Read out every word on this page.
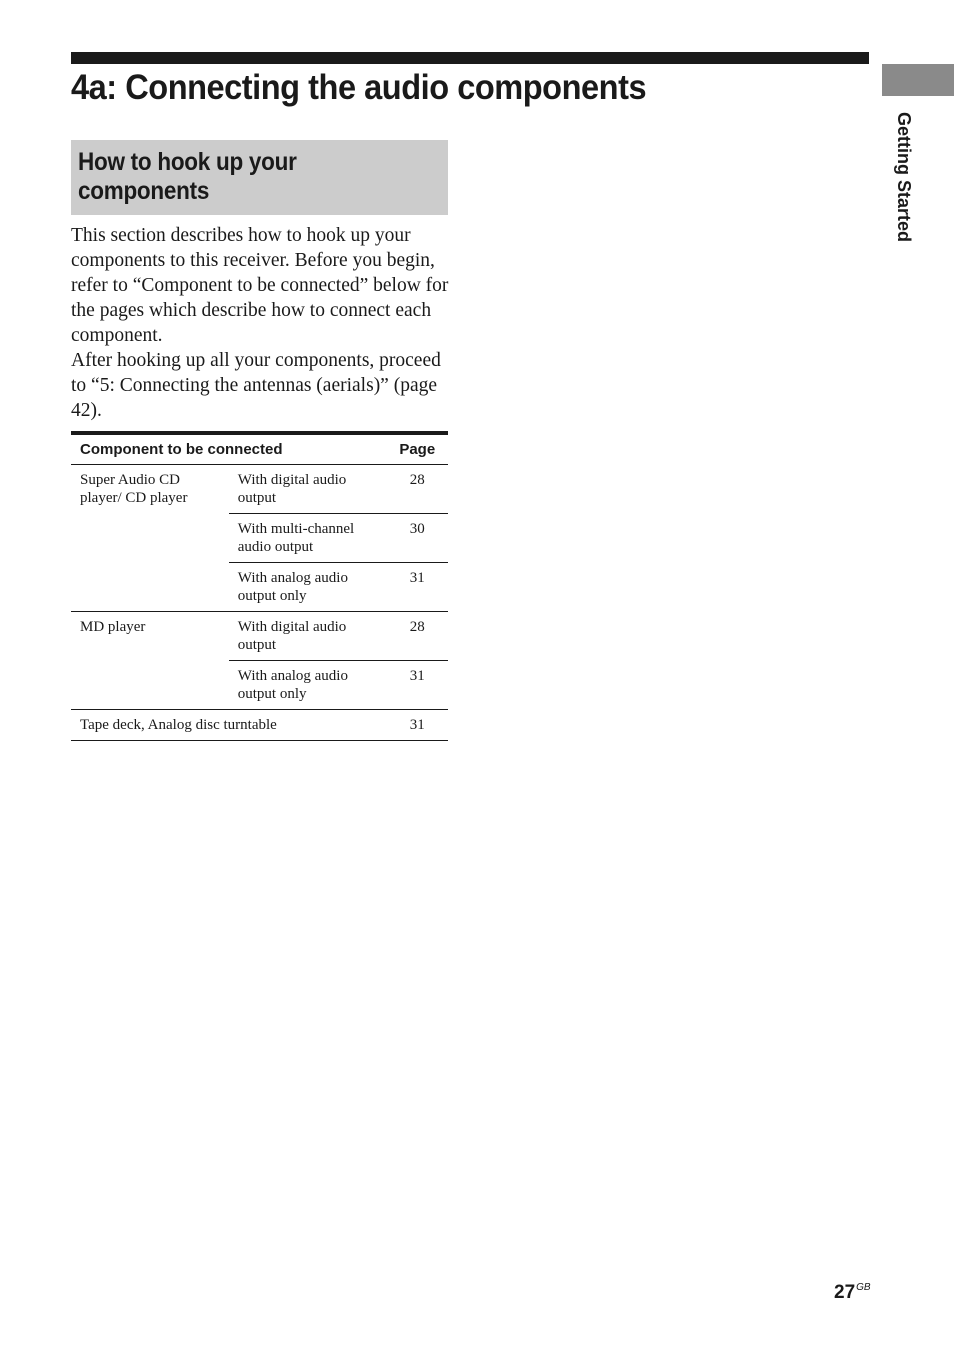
4a: Connecting the audio components
Getting Started
How to hook up your
components

This section describes how to hook up your components to this receiver. Before you begin, refer to “Component to be connected” below for the pages which describe how to connect each component.

After hooking up all your components, proceed to “5: Connecting the antennas (aerials)” (page 42).

Component to be connected		Page
Super Audio CD player/ CD player	With digital audio output	28
	With multi-channel audio output	30
	With analog audio output only	31
MD player	With digital audio output	28
	With analog audio output only	31
Tape deck, Analog disc turntable		31
$27^{GB}$
